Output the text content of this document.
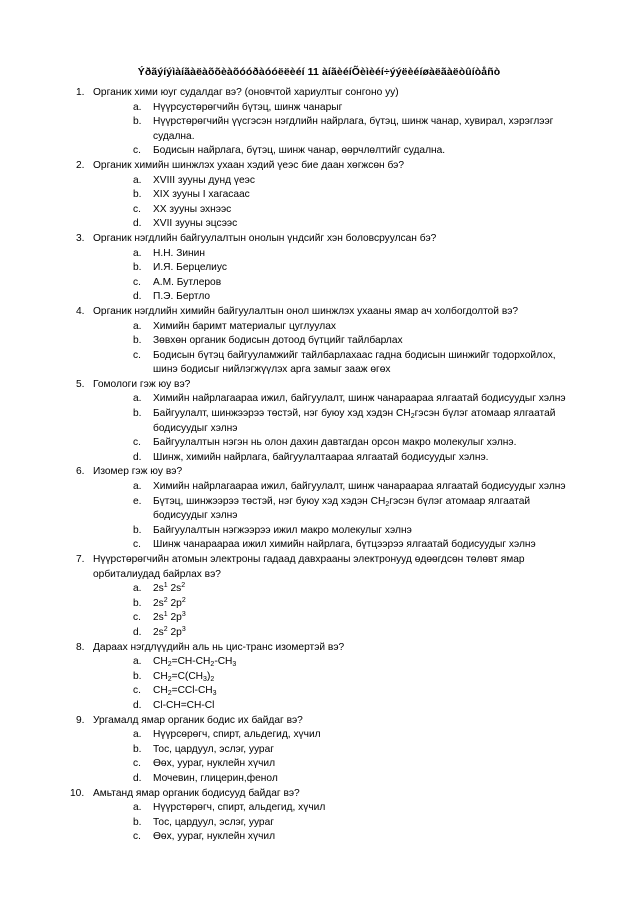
Ýðãýíýìàíãàëàõõèàõóóðàóóëëèéí 11 àíãèéíÕèìèéí÷ýýëèéíøàëãàëòûíòåñò
1. Органик хими юуг судалдаг вэ? (оновчтой хариултыг сонгоно уу)
a. Нүүрсустөрөгчийн бүтэц, шинж чанарыг
b. Нүүрстөрөгчийн үүсгэсэн нэгдлийн найрлага, бүтэц, шинж чанар, хувирал, хэрэглээг судална.
c. Бодисын найрлага, бүтэц, шинж чанар, өөрчлөлтийг судална.
2. Органик химийн шинжлэх ухаан хэдий үеэс бие даан хөгжсөн бэ?
a. XVIII зууны дунд үеэс
b. XIX зууны I хагасаас
c. XX зууны эхнээс
d. XVII зууны эцсээс
3. Органик нэгдлийн байгуулалтын онолын үндсийг хэн боловсруулсан бэ?
a. Н.Н. Зинин
b. И.Я. Берцелиус
c. А.М. Бутлеров
d. П.Э. Бертло
4. Органик нэгдлийн химийн байгуулалтын онол шинжлэх ухааны ямар ач холбогдолтой вэ?
a. Химийн баримт материалыг цуглуулах
b. Зөвхөн органик бодисын дотоод бүтцийг тайлбарлах
c. Бодисын бүтэц байгууламжийг тайлбарлахаас гадна бодисын шинжийг тодорхойлох, шинэ бодисыг нийлэгжүүлэх арга замыг зааж өгөх
5. Гомологи гэж юу вэ?
a. Химийн найрлагаараа ижил, байгуулалт, шинж чанараараа ялгаатай бодисуудыг хэлнэ
b. Байгуулалт, шинжээрээ төстэй, нэг буюу хэд хэдэн $CH_2гэсэн$ бүлэг атомаар ялгаатай бодисуудыг хэлнэ
c. Байгуулалтын нэгэн нь олон дахин давтагдан орсон макро молекулыг хэлнэ.
d. Шинж, химийн найрлага, байгуулалтаараа ялгаатай бодисуудыг хэлнэ.
6. Изомер гэж юу вэ?
a. Химийн найрлагаараа ижил, байгуулалт, шинж чанараараа ялгаатай бодисуудыг хэлнэ
e. Бүтэц, шинжээрээ төстэй, нэг буюу хэд хэдэн $CH_2гэсэн$ бүлэг атомаар ялгаатай бодисуудыг хэлнэ
b. Байгуулалтын нэгжээрээ ижил макро молекулыг хэлнэ
c. Шинж чанараараа ижил химийн найрлага, бүтцээрээ ялгаатай бодисуудыг хэлнэ
7. Нүүрстөрөгчийн атомын электроны гадаад давхрааны электронууд өдөөгдсөн төлөвт ямар орбиталиудад байрлах вэ?
a. $2s^1$ $2s^2$
b. $2s^2$ $2p^2$
c. $2s^1$ $2p^3$
d. $2s^2$ $2p^3$
8. Дараах нэгдлүүдийн аль нь цис-транс изомертэй вэ?
a. $CH_2=CH-CH_2-CH_3$
b. $CH_2=C(CH_3)_2$
c. $CH_2=CCl-CH_3$
d. Cl-CH=CH-Cl
9. Ургамалд ямар органик бодис их байдаг вэ?
a. Нүүрсөрөгч, спирт, альдегид, хүчил
b. Тос, цардуул, эслэг, уураг
c. Өөх, уураг, нуклейн хүчил
d. Мочевин, глицерин,фенол
10. Амьтанд ямар органик бодисууд байдаг вэ?
a. Нүүрстөрөгч, спирт, альдегид, хүчил
b. Тос, цардуул, эслэг, уураг
c. Өөх, уураг, нуклейн хүчил
